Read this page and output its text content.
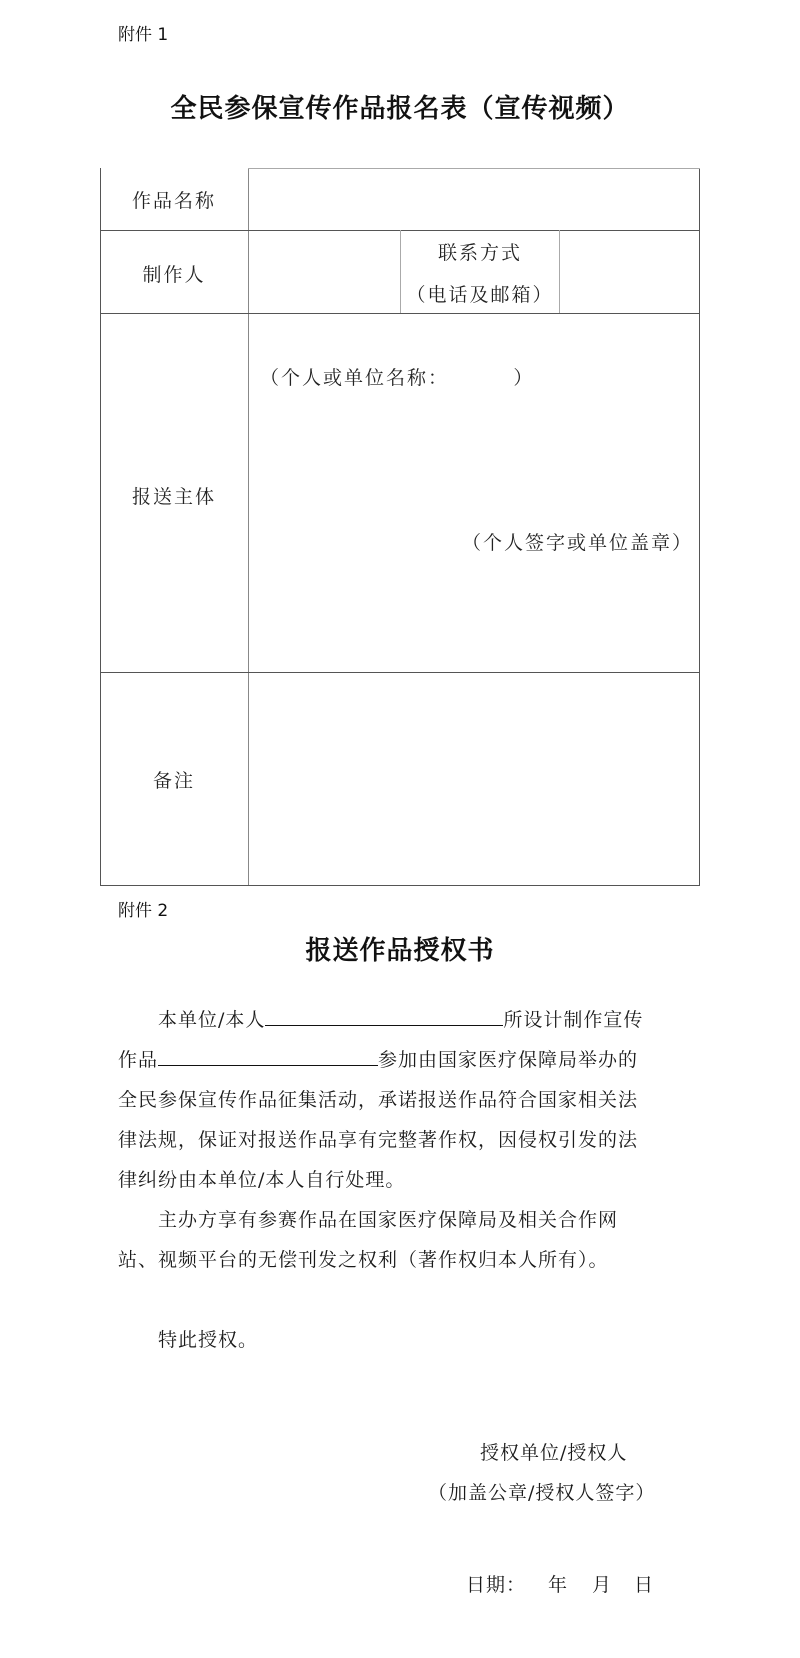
附件 1
全民参保宣传作品报名表（宣传视频）
作品名称
制作人
联系方式
（电话及邮箱）
报送主体
（个人或单位名称：        ）
（个人签字或单位盖章）
备注
附件 2
报送作品授权书
本单位/本人	所设计制作宣传
作品	参加由国家医疗保障局举办的
全民参保宣传作品征集活动，承诺报送作品符合国家相关法
律法规，保证对报送作品享有完整著作权，因侵权引发的法
律纠纷由本单位/本人自行处理。
主办方享有参赛作品在国家医疗保障局及相关合作网
站、视频平台的无偿刊发之权利（著作权归本人所有）。
特此授权。
授权单位/授权人
（加盖公章/授权人签字）
日期： 年 月 日
